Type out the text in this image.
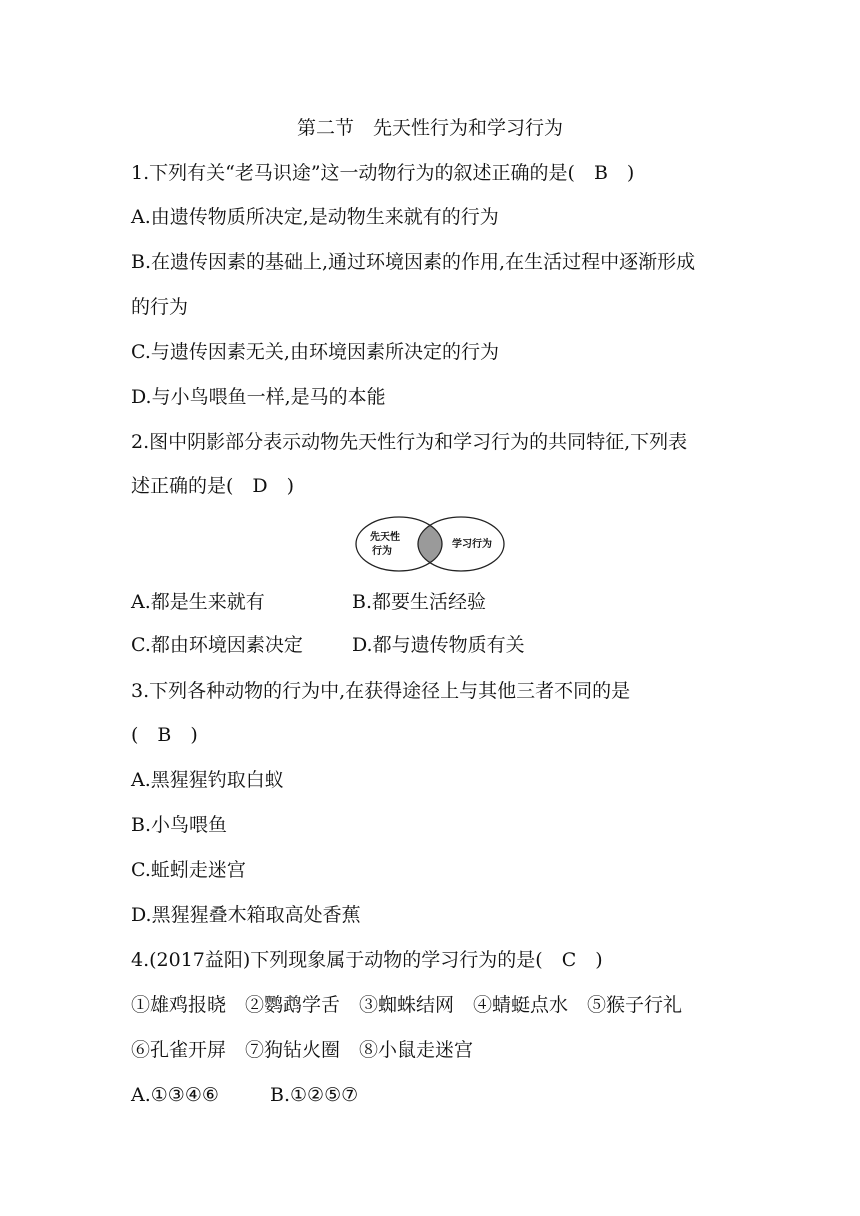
第二节　先天性行为和学习行为
1.下列有关“老马识途”这一动物行为的叙述正确的是(　B　)
A.由遗传物质所决定,是动物生来就有的行为
B.在遗传因素的基础上,通过环境因素的作用,在生活过程中逐渐形成
的行为
C.与遗传因素无关,由环境因素所决定的行为
D.与小鸟喂鱼一样,是马的本能
2.图中阴影部分表示动物先天性行为和学习行为的共同特征,下列表
述正确的是(　D　)
先天性
行为
学习行为
A.都是生来就有	B.都要生活经验
C.都由环境因素决定	D.都与遗传物质有关
3.下列各种动物的行为中,在获得途径上与其他三者不同的是
(　B　)
A.黑猩猩钓取白蚁
B.小鸟喂鱼
C.蚯蚓走迷宫
D.黑猩猩叠木箱取高处香蕉
4.(2017益阳)下列现象属于动物的学习行为的是(　C　)
①雄鸡报晓　②鹦鹉学舌　③蜘蛛结网　④蜻蜓点水　⑤猴子行礼
⑥孔雀开屏　⑦狗钻火圈　⑧小鼠走迷宫
A.①③④⑥	B.①②⑤⑦
